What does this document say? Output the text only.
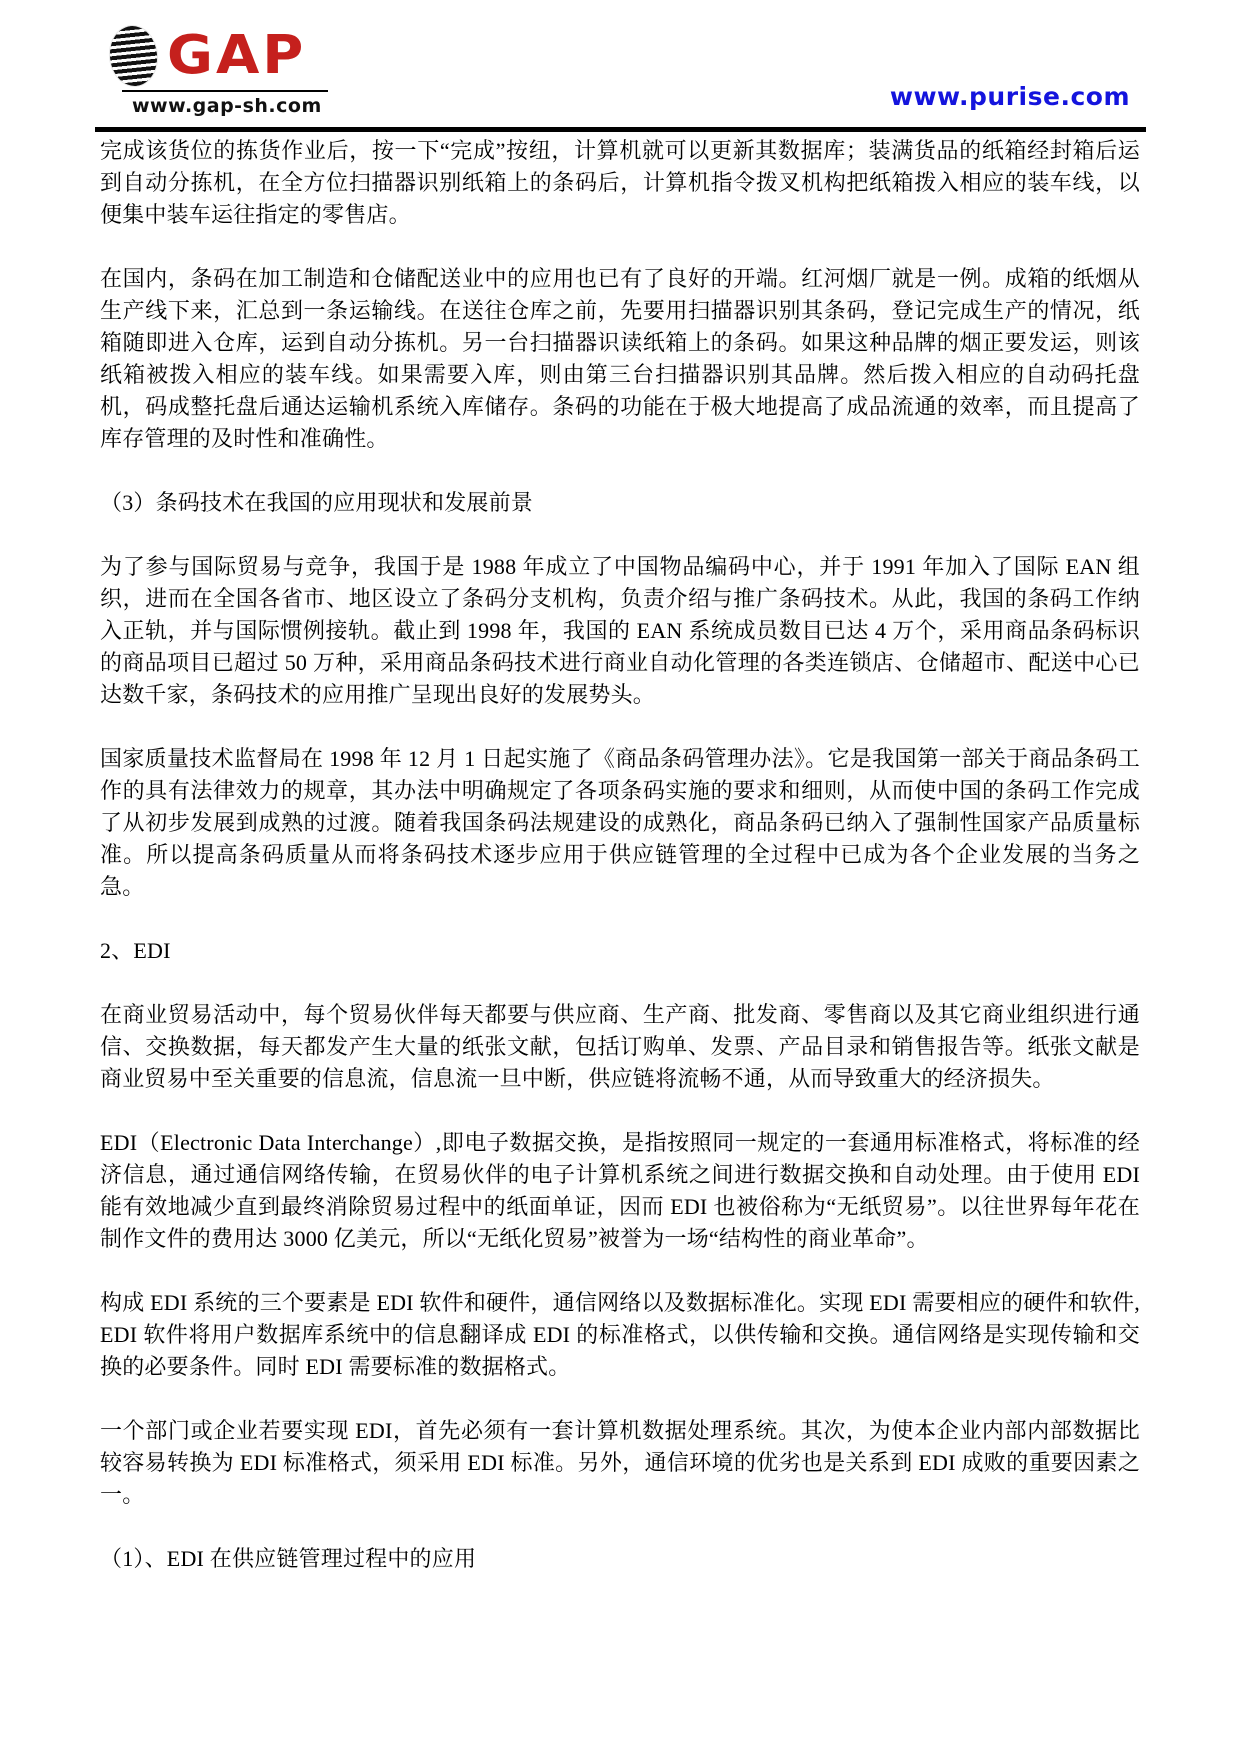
GAP
www.gap-sh.com	www.purise.com

完成该货位的拣货作业后，按一下“完成”按纽，计算机就可以更新其数据库；装满货品的纸箱经封箱后运到自动分拣机，在全方位扫描器识别纸箱上的条码后，计算机指令拨叉机构把纸箱拨入相应的装车线，以便集中装车运往指定的零售店。

在国内，条码在加工制造和仓储配送业中的应用也已有了良好的开端。红河烟厂就是一例。成箱的纸烟从生产线下来，汇总到一条运输线。在送往仓库之前，先要用扫描器识别其条码，登记完成生产的情况，纸箱随即进入仓库，运到自动分拣机。另一台扫描器识读纸箱上的条码。如果这种品牌的烟正要发运，则该纸箱被拨入相应的装车线。如果需要入库，则由第三台扫描器识别其品牌。然后拨入相应的自动码托盘机，码成整托盘后通达运输机系统入库储存。条码的功能在于极大地提高了成品流通的效率，而且提高了库存管理的及时性和准确性。

（3）条码技术在我国的应用现状和发展前景

为了参与国际贸易与竞争，我国于是 1988 年成立了中国物品编码中心，并于 1991 年加入了国际 EAN 组织，进而在全国各省市、地区设立了条码分支机构，负责介绍与推广条码技术。从此，我国的条码工作纳入正轨，并与国际惯例接轨。截止到 1998 年，我国的 EAN 系统成员数目已达 4 万个，采用商品条码标识的商品项目已超过 50 万种，采用商品条码技术进行商业自动化管理的各类连锁店、仓储超市、配送中心已达数千家，条码技术的应用推广呈现出良好的发展势头。

国家质量技术监督局在 1998 年 12 月 1 日起实施了《商品条码管理办法》。它是我国第一部关于商品条码工作的具有法律效力的规章，其办法中明确规定了各项条码实施的要求和细则，从而使中国的条码工作完成了从初步发展到成熟的过渡。随着我国条码法规建设的成熟化，商品条码已纳入了强制性国家产品质量标准。所以提高条码质量从而将条码技术逐步应用于供应链管理的全过程中已成为各个企业发展的当务之急。

2、EDI

在商业贸易活动中，每个贸易伙伴每天都要与供应商、生产商、批发商、零售商以及其它商业组织进行通信、交换数据，每天都发产生大量的纸张文献，包括订购单、发票、产品目录和销售报告等。纸张文献是商业贸易中至关重要的信息流，信息流一旦中断，供应链将流畅不通，从而导致重大的经济损失。

EDI（Electronic Data Interchange）,即电子数据交换，是指按照同一规定的一套通用标准格式，将标准的经济信息，通过通信网络传输，在贸易伙伴的电子计算机系统之间进行数据交换和自动处理。由于使用 EDI 能有效地减少直到最终消除贸易过程中的纸面单证，因而 EDI 也被俗称为“无纸贸易”。以往世界每年花在制作文件的费用达 3000 亿美元，所以“无纸化贸易”被誉为一场“结构性的商业革命”。

构成 EDI 系统的三个要素是 EDI 软件和硬件，通信网络以及数据标准化。实现 EDI 需要相应的硬件和软件,EDI 软件将用户数据库系统中的信息翻译成 EDI 的标准格式，以供传输和交换。通信网络是实现传输和交换的必要条件。同时 EDI 需要标准的数据格式。

一个部门或企业若要实现 EDI，首先必须有一套计算机数据处理系统。其次，为使本企业内部内部数据比较容易转换为 EDI 标准格式，须采用 EDI 标准。另外，通信环境的优劣也是关系到 EDI 成败的重要因素之一。

（1）、EDI 在供应链管理过程中的应用
